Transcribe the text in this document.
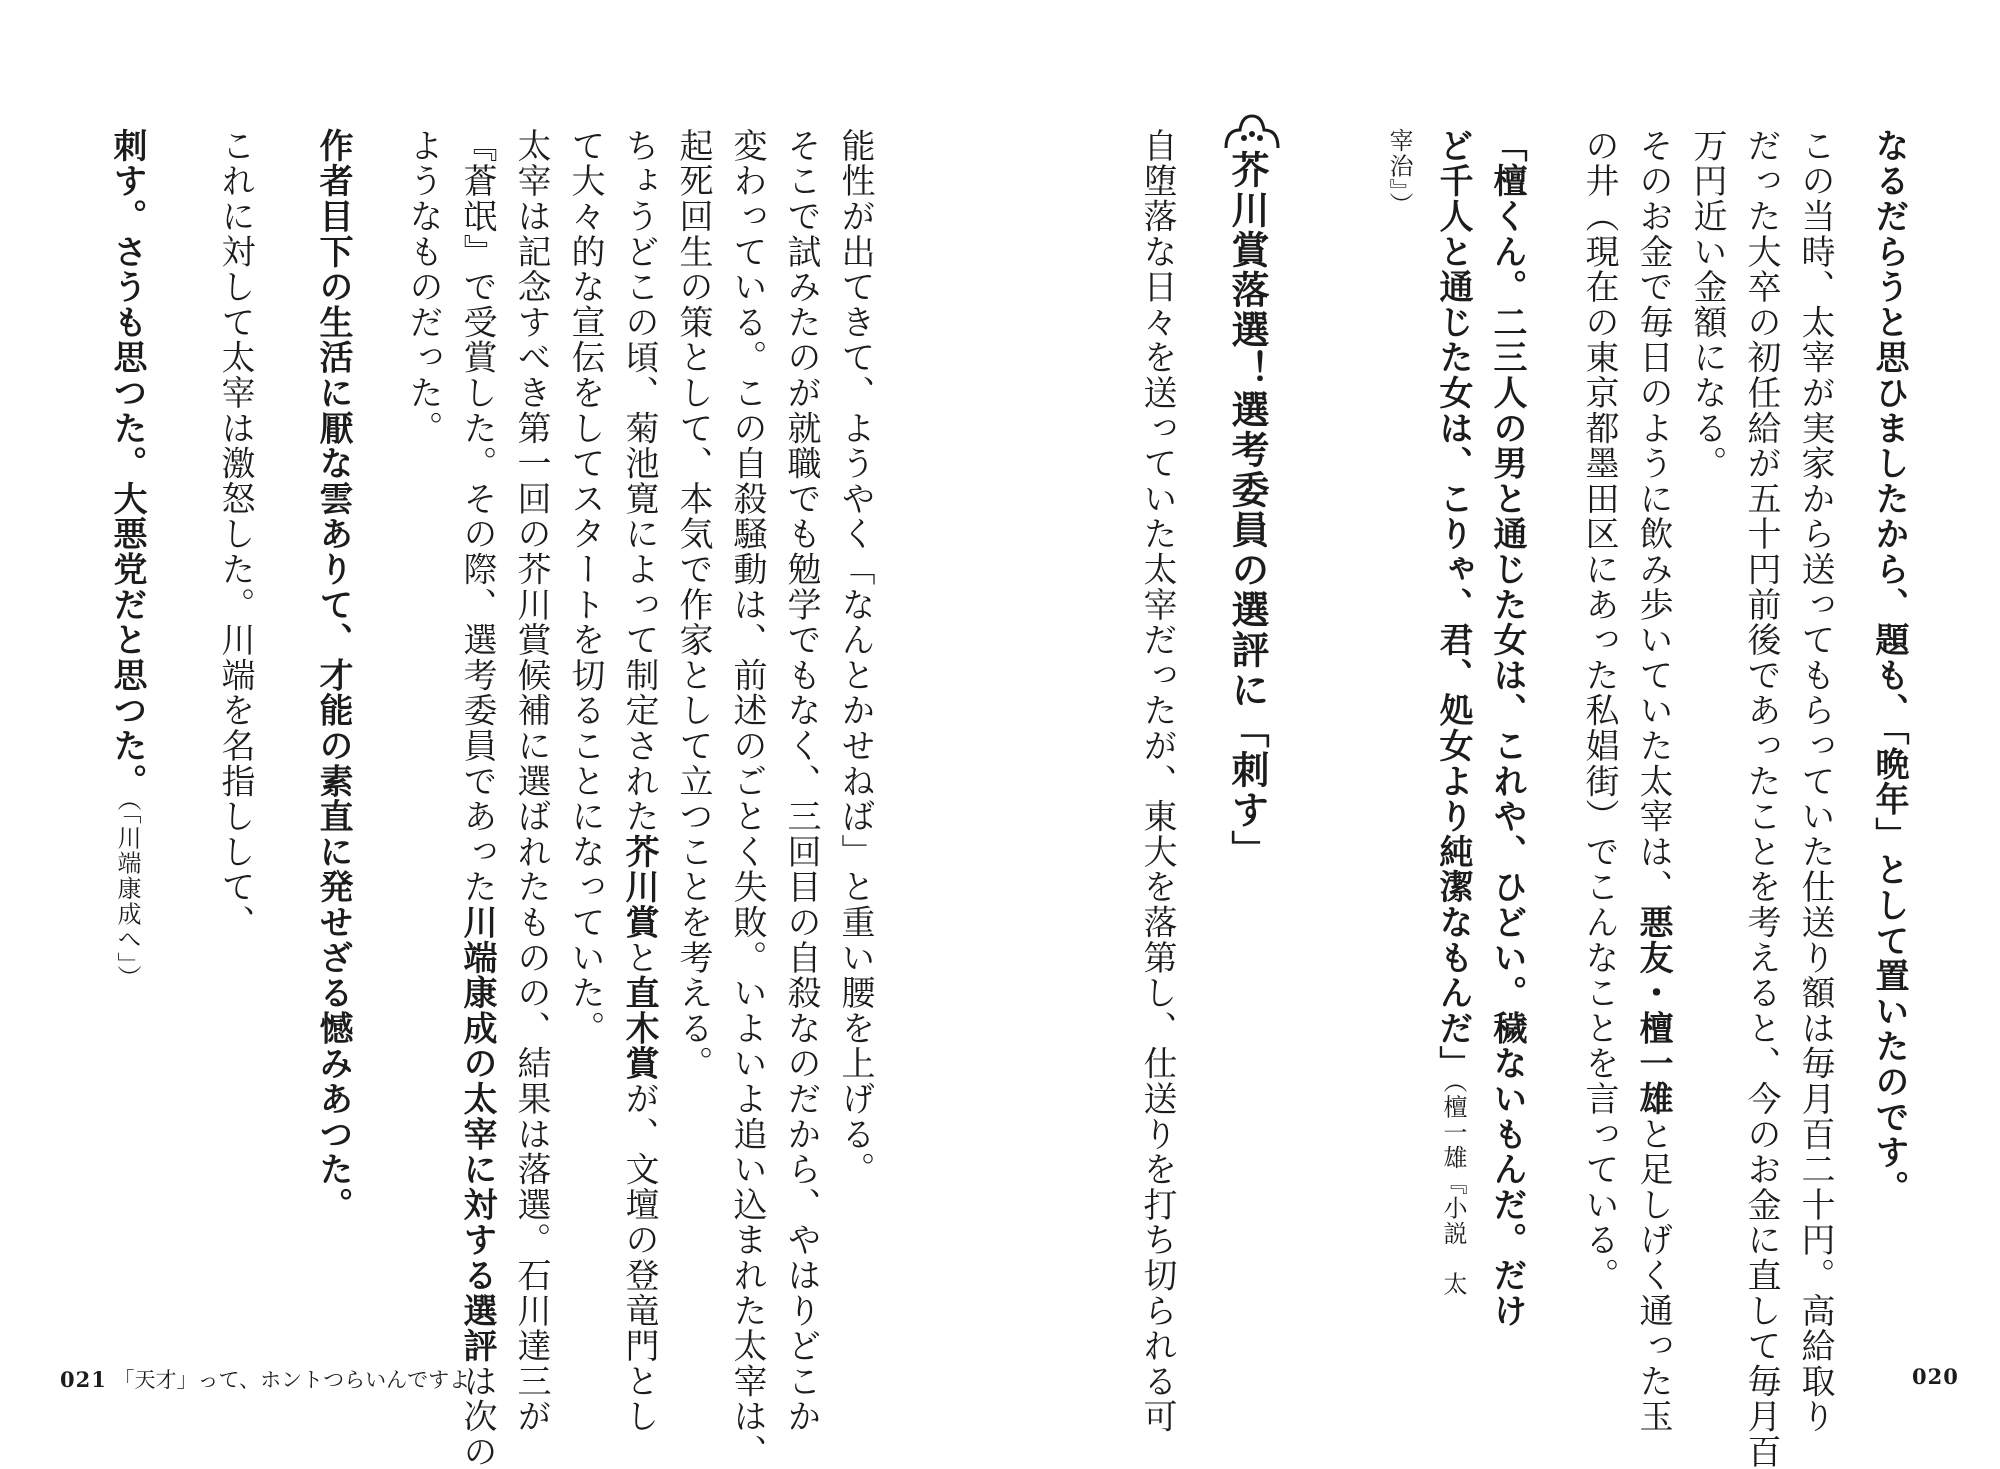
なるだらうと思ひましたから、題も、「晩年」として置いたのです。
この当時、太宰が実家から送ってもらっていた仕送り額は毎月百二十円。高給取り
だった大卒の初任給が五十円前後であったことを考えると、今のお金に直して毎月百
万円近い金額になる。
そのお金で毎日のように飲み歩いていた太宰は、悪友・檀一雄と足しげく通った玉
の井（現在の東京都墨田区にあった私娼街）でこんなことを言っている。
「檀くん。二三人の男と通じた女は、これや、ひどい。穢ないもんだ。だけ
ど千人と通じた女は、こりゃ、君、処女より純潔なもんだ」（檀一雄『小説　太
宰治』）
芥川賞落選！選考委員の選評に「刺す」
自堕落な日々を送っていた太宰だったが、東大を落第し、仕送りを打ち切られる可	020
能性が出てきて、ようやく「なんとかせねば」と重い腰を上げる。
そこで試みたのが就職でも勉学でもなく、三回目の自殺なのだから、やはりどこか
変わっている。この自殺騒動は、前述のごとく失敗。いよいよ追い込まれた太宰は、
起死回生の策として、本気で作家として立つことを考える。
ちょうどこの頃、菊池寛によって制定された芥川賞と直木賞が、文壇の登竜門とし
て大々的な宣伝をしてスタートを切ることになっていた。
太宰は記念すべき第一回の芥川賞候補に選ばれたものの、結果は落選。石川達三が
『蒼氓』で受賞した。その際、選考委員であった川端康成の太宰に対する選評は次の
ようなものだった。
作者目下の生活に厭な雲ありて、才能の素直に発せざる憾みあつた。
これに対して太宰は激怒した。川端を名指しして、
刺す。さうも思つた。大悪党だと思つた。（「川端康成へ」）
021 「天才」って、ホントつらいんですよ
